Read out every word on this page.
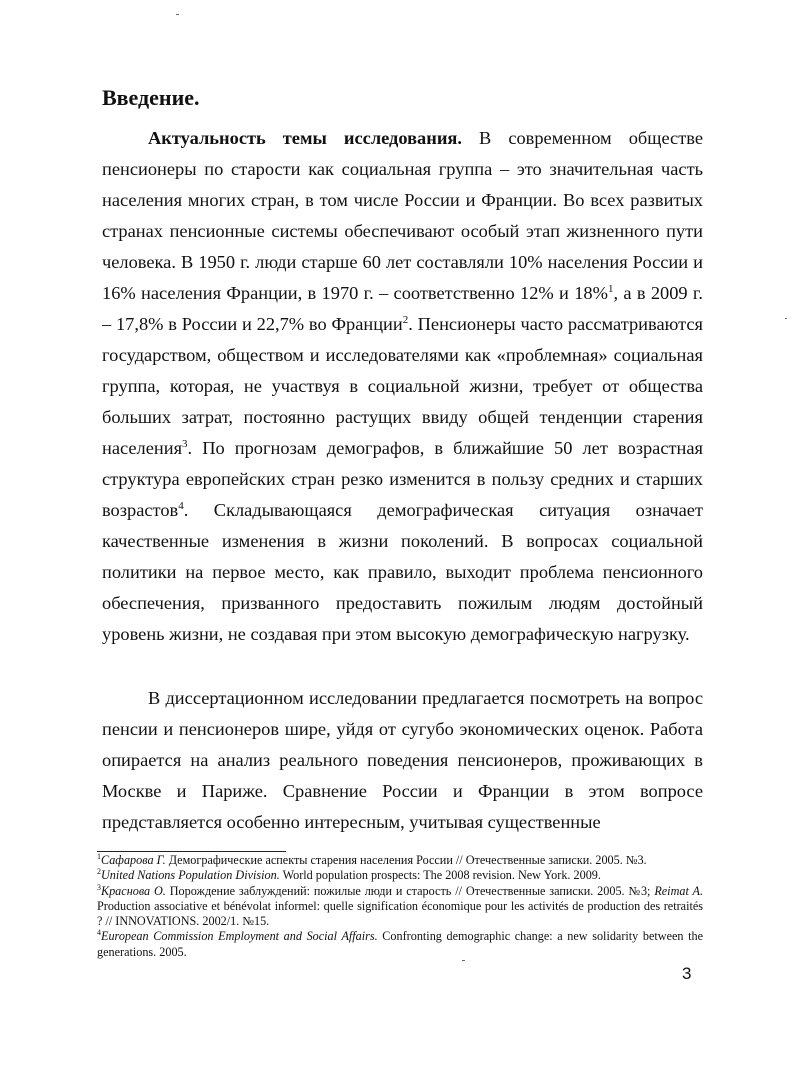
Введение.

Актуальность темы исследования. В современном обществе пенсионеры по старости как социальная группа – это значительная часть населения многих стран, в том числе России и Франции. Во всех развитых странах пенсионные системы обеспечивают особый этап жизненного пути человека. В 1950 г. люди старше 60 лет составляли 10% населения России и 16% населения Франции, в 1970 г. – соответственно 12% и 18%$^1$, а в 2009 г. – 17,8% в России и 22,7% во Франции$^2$. Пенсионеры часто рассматриваются государством, обществом и исследователями как «проблемная» социальная группа, которая, не участвуя в социальной жизни, требует от общества больших затрат, постоянно растущих ввиду общей тенденции старения населения$^3$. По прогнозам демографов, в ближайшие 50 лет возрастная структура европейских стран резко изменится в пользу средних и старших возрастов$^4$. Складывающаяся демографическая ситуация означает качественные изменения в жизни поколений. В вопросах социальной политики на первое место, как правило, выходит проблема пенсионного обеспечения, призванного предоставить пожилым людям достойный уровень жизни, не создавая при этом высокую демографическую нагрузку.

В диссертационном исследовании предлагается посмотреть на вопрос пенсии и пенсионеров шире, уйдя от сугубо экономических оценок. Работа опирается на анализ реального поведения пенсионеров, проживающих в Москве и Париже. Сравнение России и Франции в этом вопросе представляется особенно интересным, учитывая существенные

$^1$Сафарова Г. Демографические аспекты старения населения России // Отечественные записки. 2005. №3.

$^2$United Nations Population Division. World population prospects: The 2008 revision. New York. 2009.

$^3$Краснова О. Порождение заблуждений: пожилые люди и старость // Отечественные записки. 2005. №3; Reimat A. Production associative et bénévolat informel: quelle signification économique pour les activités de production des retraités ? // INNOVATIONS. 2002/1. №15.

$^4$European Commission Employment and Social Affairs. Confronting demographic change: a new solidarity between the generations. 2005.

3
